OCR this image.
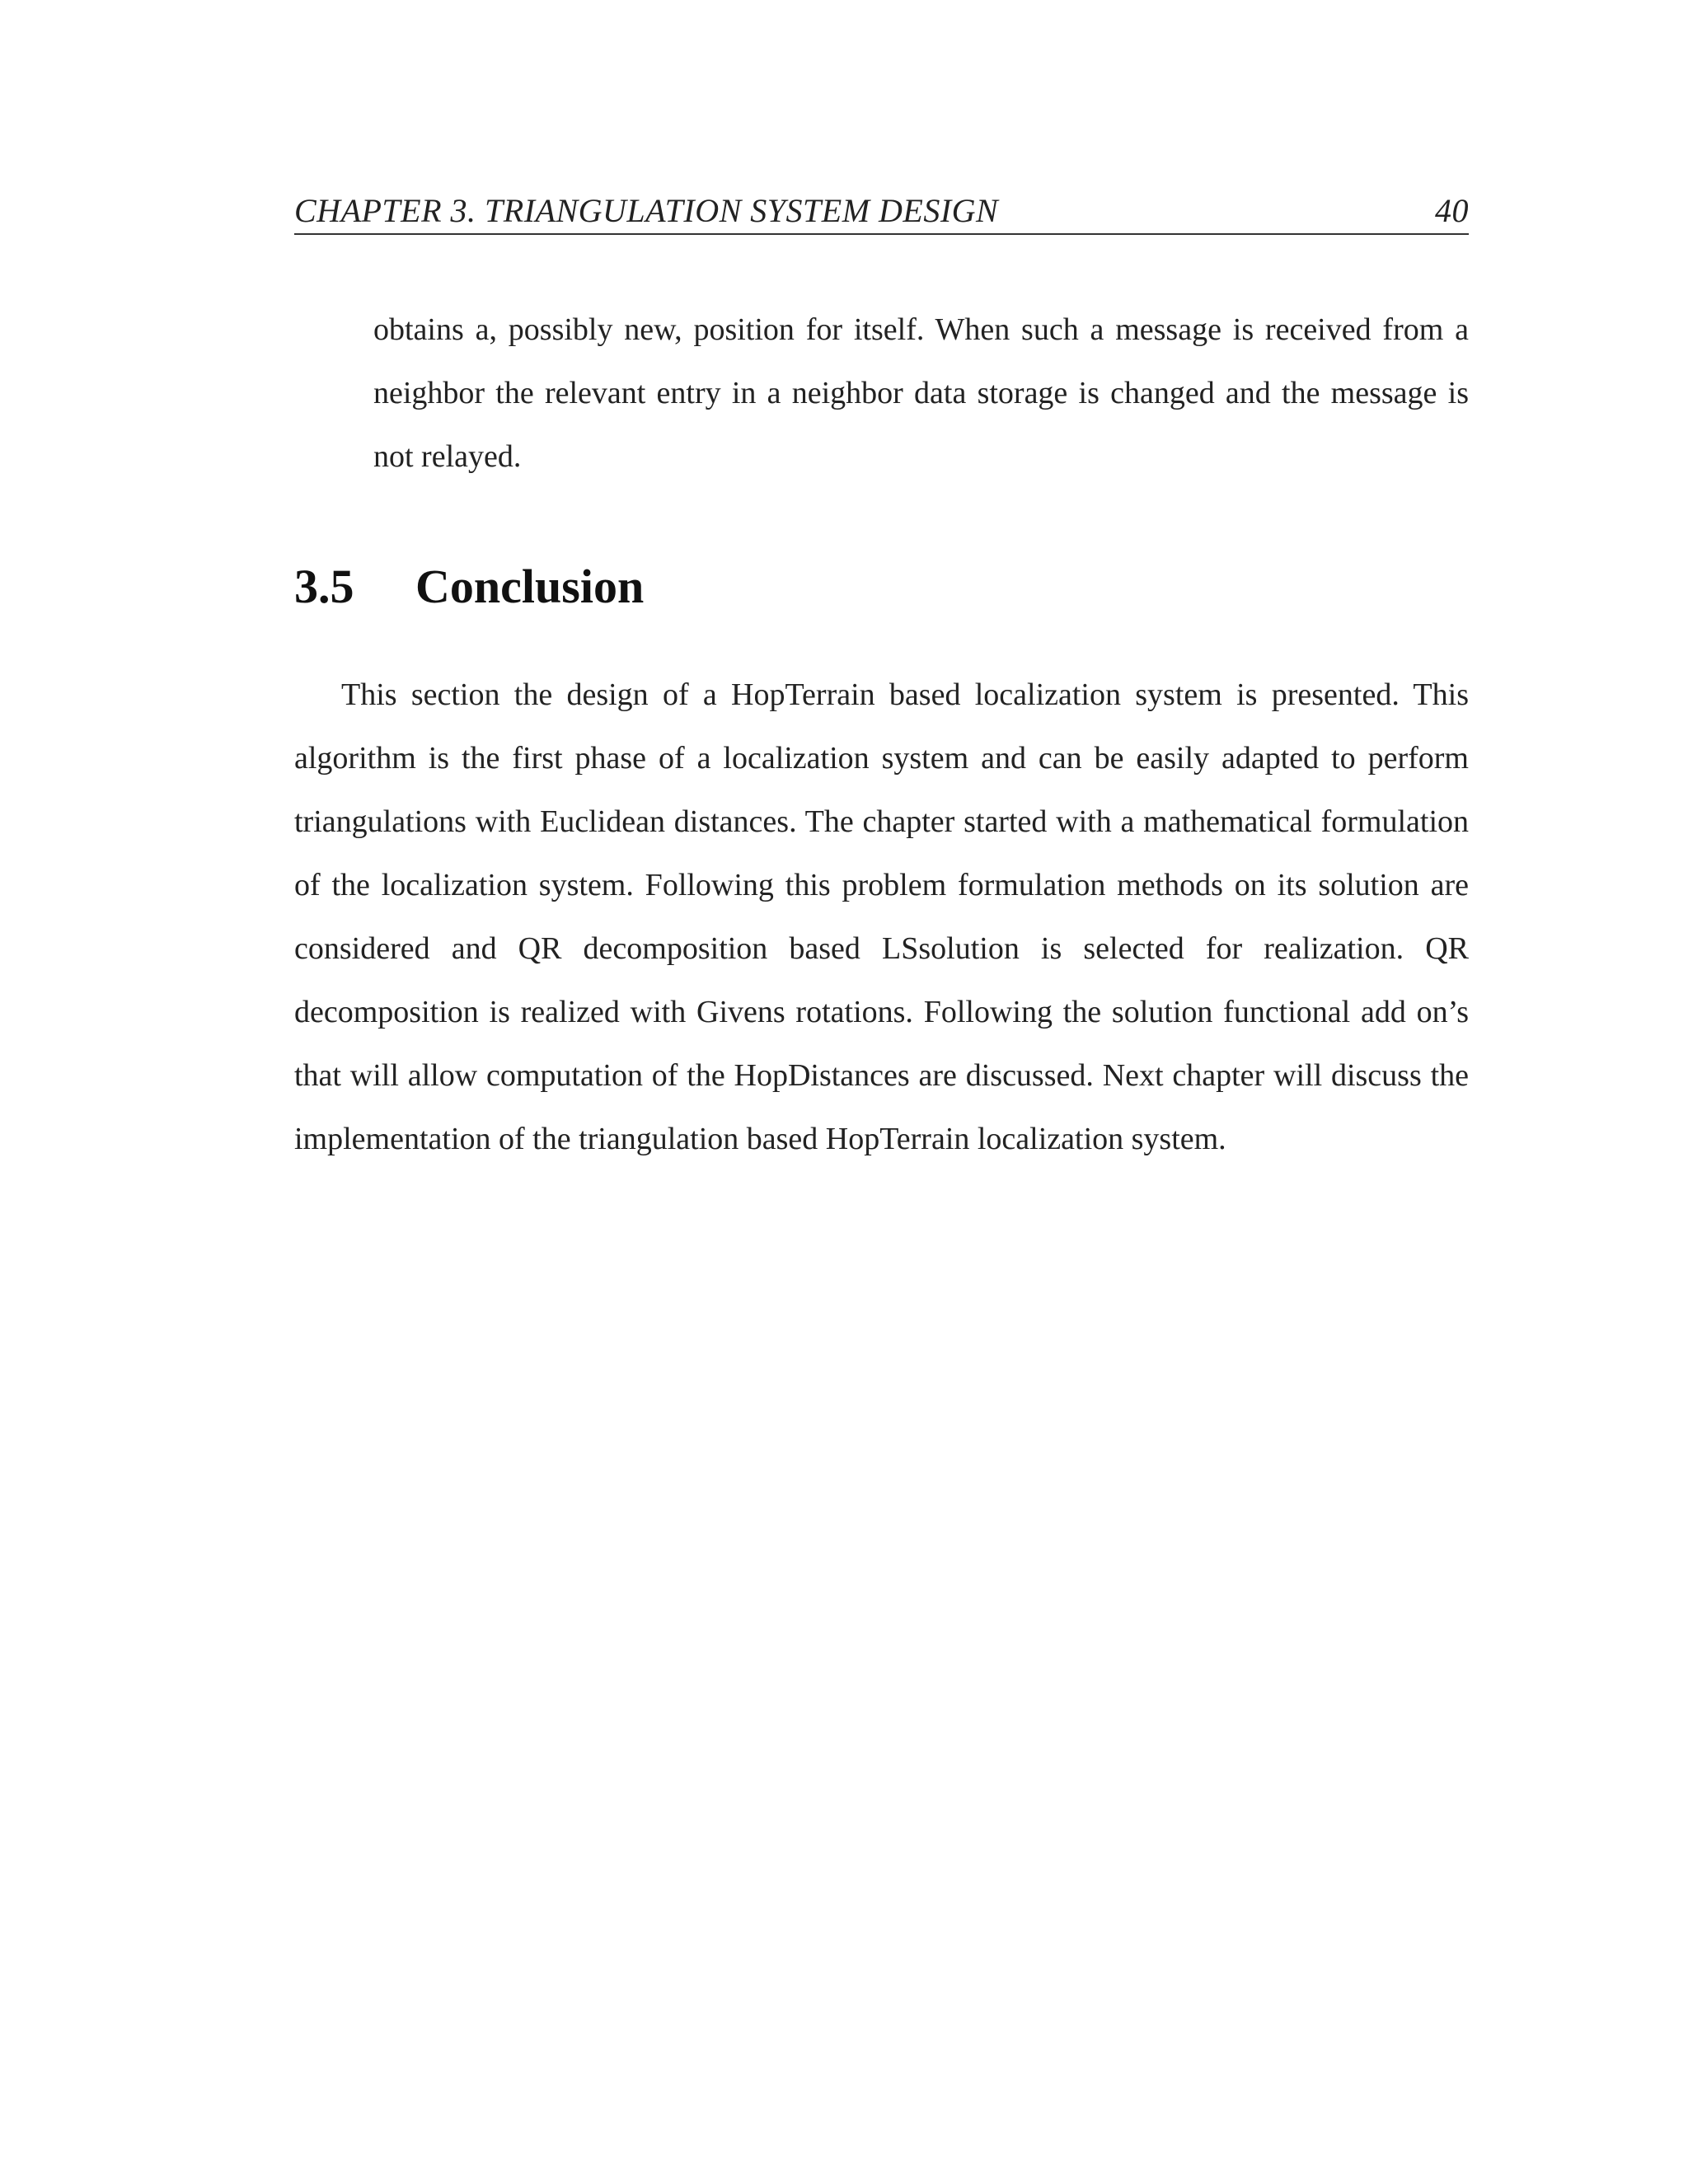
CHAPTER 3. TRIANGULATION SYSTEM DESIGN	40

obtains a, possibly new, position for itself. When such a message is received from a neighbor the relevant entry in a neighbor data storage is changed and the message is not relayed.

3.5 Conclusion

This section the design of a HopTerrain based localization system is presented. This algorithm is the first phase of a localization system and can be easily adapted to perform triangulations with Euclidean distances. The chapter started with a mathematical formulation of the localization system. Following this problem formulation methods on its solution are considered and QR decomposition based LSsolution is selected for realization. QR decomposition is realized with Givens rotations. Following the solution functional add on’s that will allow computation of the HopDistances are discussed. Next chapter will discuss the implementation of the triangulation based HopTerrain localization system.
